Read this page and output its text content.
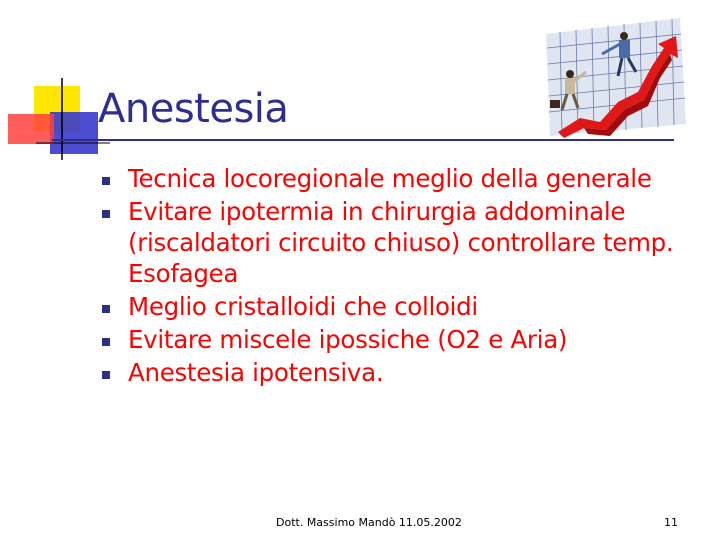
Anestesia
Tecnica locoregionale meglio della generale
Evitare ipotermia in chirurgia addominale (riscaldatori circuito chiuso) controllare temp. Esofagea
Meglio cristalloidi che colloidi
Evitare miscele ipossiche (O2 e Aria)
Anestesia ipotensiva.
Dott. Massimo Mandò 11.05.2002	11
